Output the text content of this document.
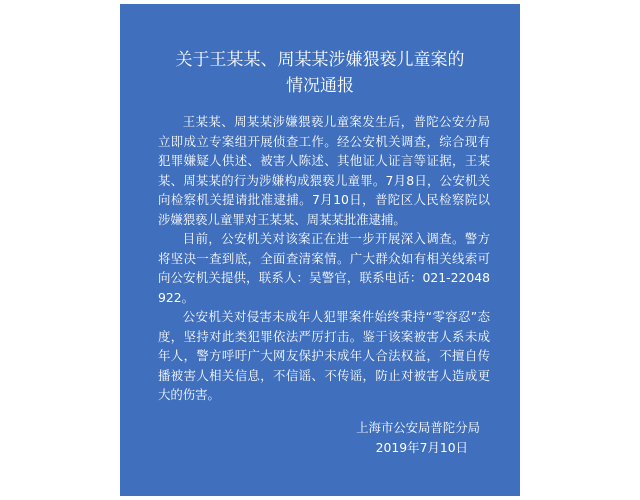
关于王某某、周某某涉嫌猥亵儿童案的
情况通报

王某某、周某某涉嫌猥亵儿童案发生后，普陀公安分局立即成立专案组开展侦查工作。经公安机关调查，综合现有犯罪嫌疑人供述、被害人陈述、其他证人证言等证据，王某某、周某某的行为涉嫌构成猥亵儿童罪。7月8日，公安机关向检察机关提请批准逮捕。7月10日，普陀区人民检察院以涉嫌猥亵儿童罪对王某某、周某某批准逮捕。

目前，公安机关对该案正在进一步开展深入调查。警方将坚决一查到底，全面查清案情。广大群众如有相关线索可向公安机关提供，联系人：吴警官，联系电话：021-22048922。

公安机关对侵害未成年人犯罪案件始终秉持“零容忍”态度，坚持对此类犯罪依法严厉打击。鉴于该案被害人系未成年人，警方呼吁广大网友保护未成年人合法权益，不擅自传播被害人相关信息，不信谣、不传谣，防止对被害人造成更大的伤害。

上海市公安局普陀分局
2019年7月10日
